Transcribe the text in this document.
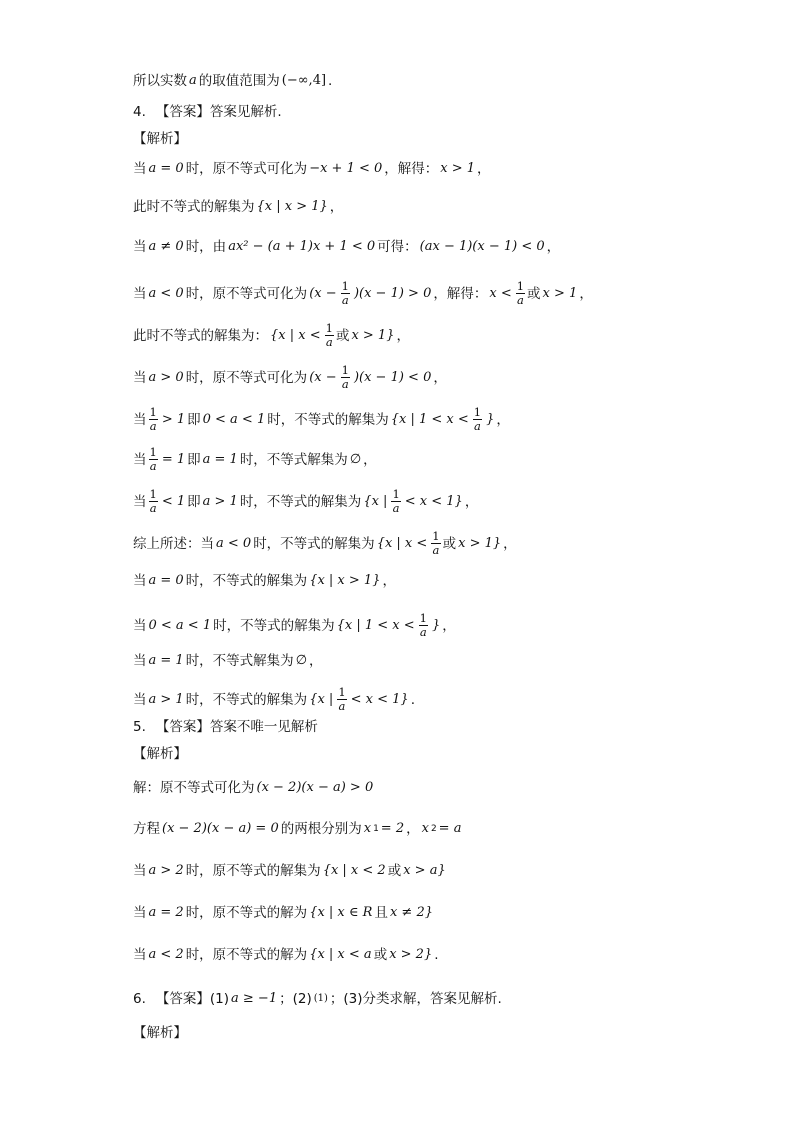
所以实数 a 的取值范围为 (−∞,4] .
4. 【答案】 答案见解析.
【解析】
当 a = 0 时，原不等式可化为 −x + 1 < 0 ，解得： x > 1 ，
此时不等式的解集为 {x | x > 1} ，
当 a ≠ 0 时，由 ax² − (a + 1)x + 1 < 0 可得： (ax − 1)(x − 1) < 0 ，
当 a < 0 时，原不等式可化为 $(x - \frac{1}{a} )(x - 1) > 0$ ，解得： $x < \frac{1}{a}$ 或 x > 1 ，
此时不等式的解集为： {x | $x < \frac{1}{a}$ 或 x > 1} ，
当 a > 0 时，原不等式可化为 $(x - \frac{1}{a} )(x - 1) < 0$ ，
当 $\frac{1}{a} > 1$ 即 0 < a < 1 时，不等式的解集为 {x | $1 < x < \frac{1}{a}$ } ，
当 $\frac{1}{a} = 1$ 即 a = 1 时，不等式解集为 ∅ ，
当 $\frac{1}{a} < 1$ 即 a > 1 时，不等式的解集为 {x | $\frac{1}{a} < x < 1$} ，
综上所述：当 a < 0 时，不等式的解集为 {x | $x < \frac{1}{a}$ 或 x > 1} ，
当 a = 0 时，不等式的解集为 {x | x > 1} ，
当 0 < a < 1 时，不等式的解集为 {x | $1 < x < \frac{1}{a}$ } ，
当 a = 1 时，不等式解集为 ∅ ，
当 a > 1 时，不等式的解集为 {x | $\frac{1}{a} < x < 1$} .
5. 【答案】 答案不唯一见解析
【解析】
解：原不等式可化为 (x − 2)(x − a) > 0
方程 (x − 2)(x − a) = 0 的两根分别为 x 1 = 2 ， x 2 = a
当 a > 2 时，原不等式的解集为 {x | x < 2 或 x > a}
当 a = 2 时，原不等式的解为 {x | x ∈ R 且 x ≠ 2}
当 a < 2 时，原不等式的解为 {x | x < a 或 x > 2} .
6. 【答案】 (1) a ≥ −1 ；(2) (1) ；(3)分类求解，答案见解析.
【解析】
